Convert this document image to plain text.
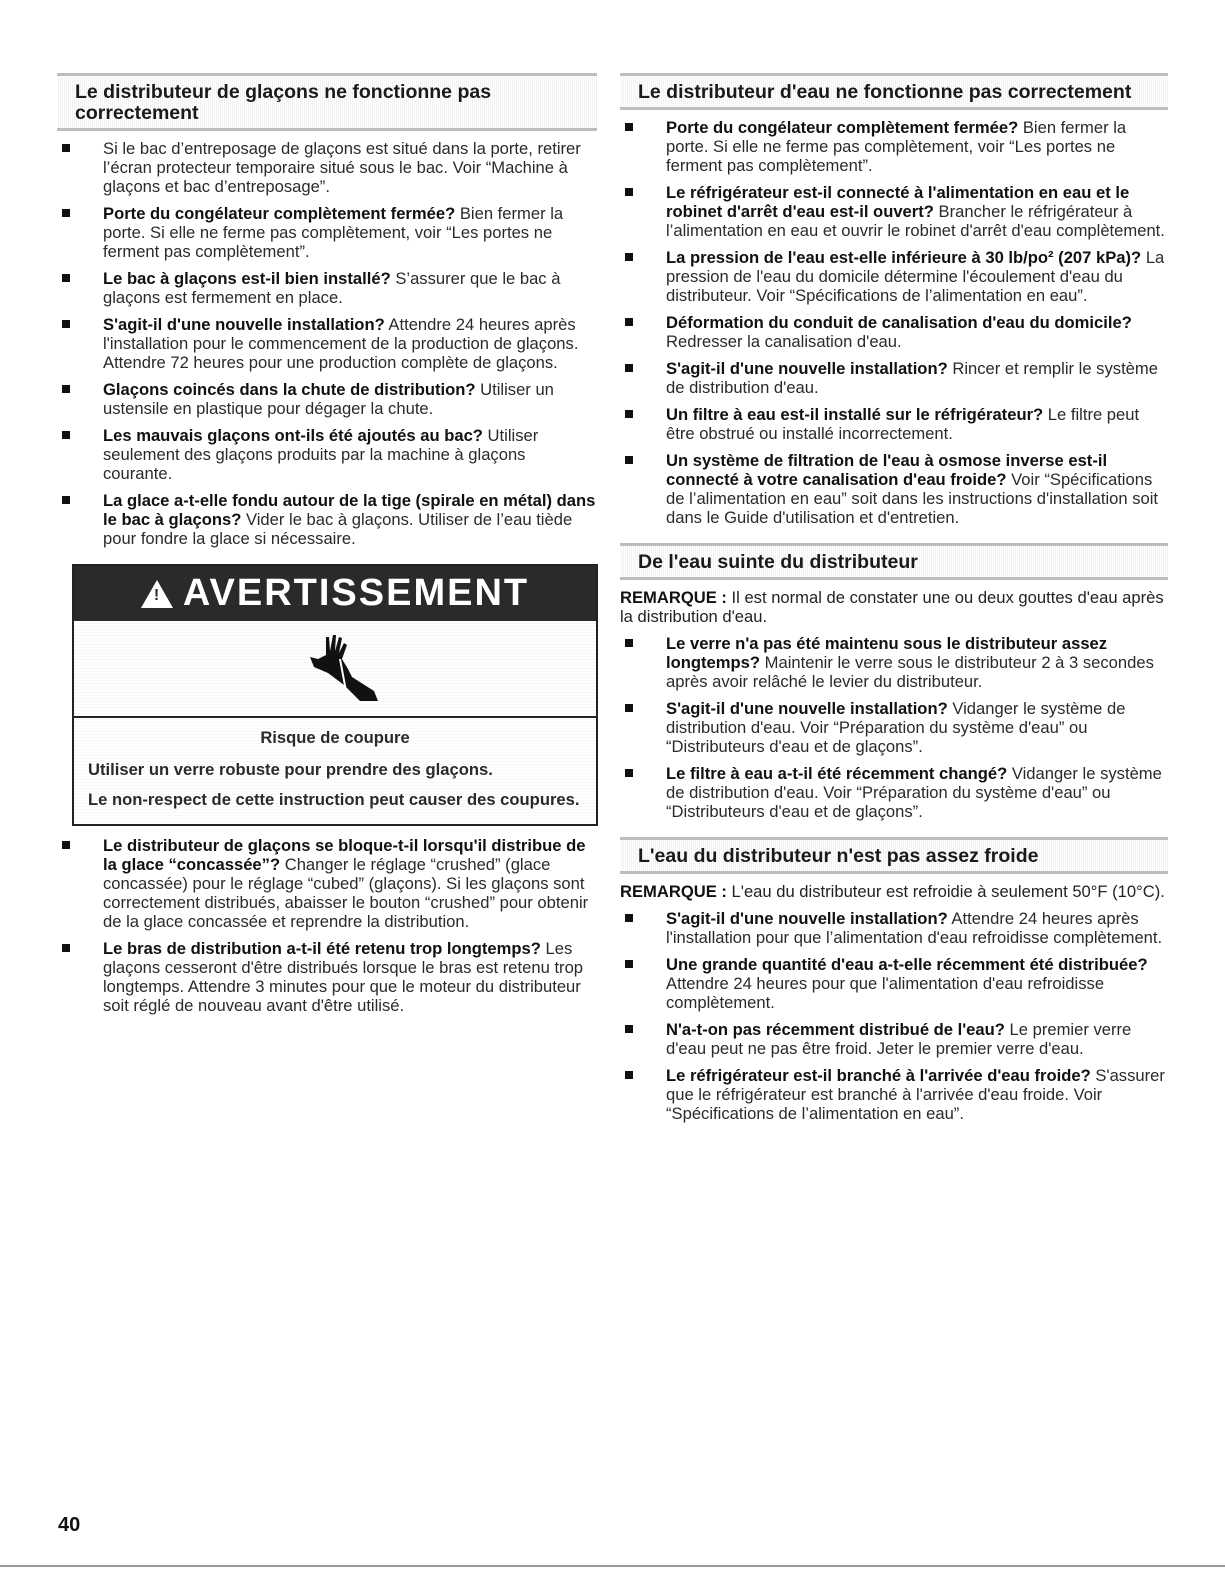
Le distributeur de glaçons ne fonctionne pas
correctement
Si le bac d’entreposage de glaçons est situé dans la porte, retirer l’écran protecteur temporaire situé sous le bac. Voir “Machine à glaçons et bac d’entreposage”.
Porte du congélateur complètement fermée? Bien fermer la porte. Si elle ne ferme pas complètement, voir “Les portes ne ferment pas complètement”.
Le bac à glaçons est-il bien installé? S’assurer que le bac à glaçons est fermement en place.
S'agit-il d'une nouvelle installation? Attendre 24 heures après l'installation pour le commencement de la production de glaçons. Attendre 72 heures pour une production complète de glaçons.
Glaçons coincés dans la chute de distribution? Utiliser un ustensile en plastique pour dégager la chute.
Les mauvais glaçons ont-ils été ajoutés au bac? Utiliser seulement des glaçons produits par la machine à glaçons courante.
La glace a-t-elle fondu autour de la tige (spirale en métal) dans le bac à glaçons? Vider le bac à glaçons. Utiliser de l’eau tiède pour fondre la glace si nécessaire.
! AVERTISSEMENT
Risque de coupure

Utiliser un verre robuste pour prendre des glaçons.

Le non-respect de cette instruction peut causer des coupures.

Le distributeur de glaçons se bloque-t-il lorsqu'il distribue de la glace “concassée”? Changer le réglage “crushed” (glace concassée) pour le réglage “cubed” (glaçons). Si les glaçons sont correctement distribués, abaisser le bouton “crushed” pour obtenir de la glace concassée et reprendre la distribution.
Le bras de distribution a-t-il été retenu trop longtemps? Les glaçons cesseront d'être distribués lorsque le bras est retenu trop longtemps. Attendre 3 minutes pour que le moteur du distributeur soit réglé de nouveau avant d'être utilisé.
Le distributeur d'eau ne fonctionne pas correctement
Porte du congélateur complètement fermée? Bien fermer la porte. Si elle ne ferme pas complètement, voir “Les portes ne ferment pas complètement”.
Le réfrigérateur est-il connecté à l'alimentation en eau et le robinet d'arrêt d'eau est-il ouvert? Brancher le réfrigérateur à l’alimentation en eau et ouvrir le robinet d'arrêt d'eau complètement.
La pression de l'eau est-elle inférieure à 30 lb/po² (207 kPa)? La pression de l'eau du domicile détermine l'écoulement d'eau du distributeur. Voir “Spécifications de l’alimentation en eau”.
Déformation du conduit de canalisation d'eau du domicile? Redresser la canalisation d'eau.
S'agit-il d'une nouvelle installation? Rincer et remplir le système de distribution d'eau.
Un filtre à eau est-il installé sur le réfrigérateur? Le filtre peut être obstrué ou installé incorrectement.
Un système de filtration de l'eau à osmose inverse est-il connecté à votre canalisation d'eau froide? Voir “Spécifications de l’alimentation en eau” soit dans les instructions d'installation soit dans le Guide d'utilisation et d'entretien.
De l'eau suinte du distributeur
REMARQUE : Il est normal de constater une ou deux gouttes d'eau après la distribution d'eau.
Le verre n'a pas été maintenu sous le distributeur assez longtemps? Maintenir le verre sous le distributeur 2 à 3 secondes après avoir relâché le levier du distributeur.
S'agit-il d'une nouvelle installation? Vidanger le système de distribution d'eau. Voir “Préparation du système d'eau” ou “Distributeurs d'eau et de glaçons”.
Le filtre à eau a-t-il été récemment changé? Vidanger le système de distribution d'eau. Voir “Préparation du système d'eau” ou “Distributeurs d'eau et de glaçons”.
L'eau du distributeur n'est pas assez froide
REMARQUE : L'eau du distributeur est refroidie à seulement 50°F (10°C).
S'agit-il d'une nouvelle installation? Attendre 24 heures après l'installation pour que l’alimentation d'eau refroidisse complètement.
Une grande quantité d'eau a-t-elle récemment été distribuée? Attendre 24 heures pour que l'alimentation d'eau refroidisse complètement.
N'a-t-on pas récemment distribué de l'eau? Le premier verre d'eau peut ne pas être froid. Jeter le premier verre d'eau.
Le réfrigérateur est-il branché à l'arrivée d'eau froide? S'assurer que le réfrigérateur est branché à l'arrivée d'eau froide. Voir “Spécifications de l’alimentation en eau”.
40
